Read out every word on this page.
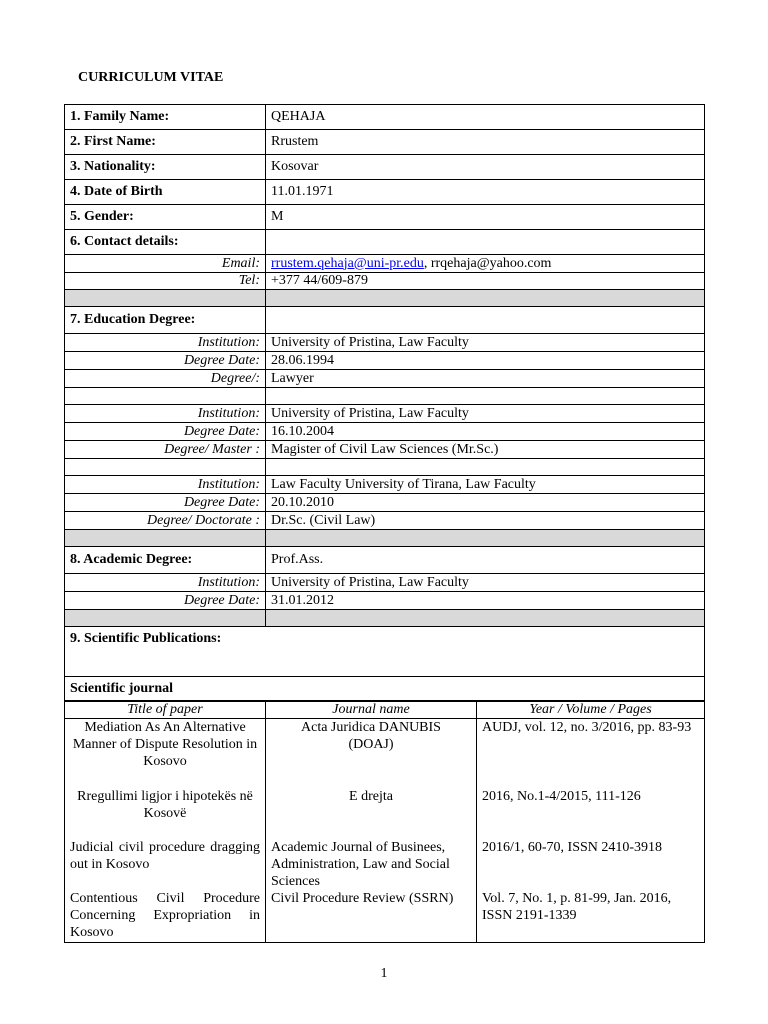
CURRICULUM VITAE
1. Family Name:	QEHAJA
2. First Name:	Rrustem
3. Nationality:	Kosovar
4. Date of Birth	11.01.1971
5. Gender:	M
6. Contact details:	
Email:	rrustem.qehaja@uni-pr.edu, rrqehaja@yahoo.com
Tel:	+377 44/609-879

7. Education Degree:	
Institution:	University of Pristina, Law Faculty
Degree Date:	28.06.1994
Degree/:	Lawyer

Institution:	University of Pristina, Law Faculty
Degree Date:	16.10.2004
Degree/ Master :	Magister of Civil Law Sciences (Mr.Sc.)

Institution:	Law Faculty University of Tirana, Law Faculty
Degree Date:	20.10.2010
Degree/ Doctorate :	Dr.Sc. (Civil Law)

8. Academic Degree:	Prof.Ass.
Institution:	University of Pristina, Law Faculty
Degree Date:	31.01.2012

9. Scientific Publications:	
Scientific journal	
Title of paper	Journal name	Year / Volume / Pages
Mediation As An Alternative Manner of Dispute Resolution in Kosovo	Acta Juridica DANUBIS (DOAJ)	AUDJ, vol. 12, no. 3/2016, pp. 83-93
Rregullimi ligjor i hipotekës në Kosovë	E drejta	2016, No.1-4/2015, 111-126
Judicial civil procedure dragging out in Kosovo	Academic Journal of Businees, Administration, Law and Social Sciences	2016/1, 60-70, ISSN 2410-3918
Contentious Civil Procedure Concerning Expropriation in Kosovo	Civil Procedure Review (SSRN)	Vol. 7, No. 1, p. 81-99, Jan. 2016, ISSN 2191-1339
1
